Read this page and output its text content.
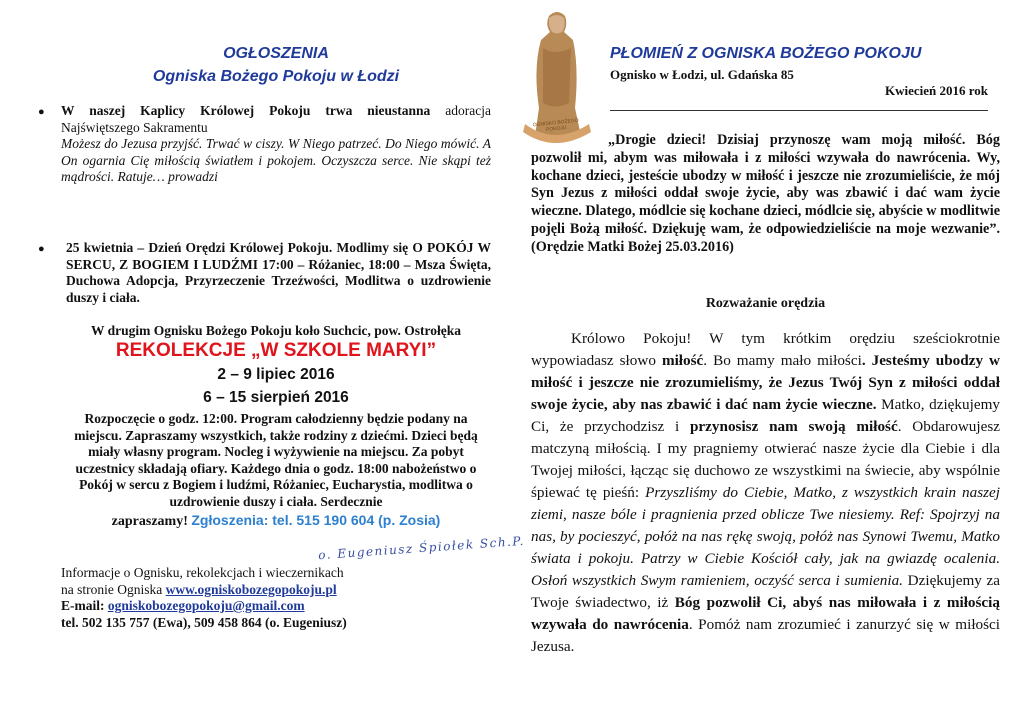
OGŁOSZENIA
Ogniska Bożego Pokoju w Łodzi
● W naszej Kaplicy Królowej Pokoju trwa nieustanna adoracja Najświętszego Sakramentu
Możesz do Jezusa przyjść. Trwać w ciszy. W Niego patrzeć. Do Niego mówić. A On ogarnia Cię miłością światłem i pokojem. Oczyszcza serce. Nie skąpi też mądrości. Ratuje… prowadzi
● 25 kwietnia – Dzień Orędzi Królowej Pokoju. Modlimy się O POKÓJ W SERCU, Z BOGIEM I LUDŹMI 17:00 – Różaniec, 18:00 – Msza Święta, Duchowa Adopcja, Przyrzeczenie Trzeźwości, Modlitwa o uzdrowienie duszy i ciała.
W drugim Ognisku Bożego Pokoju koło Suchcic, pow. Ostrołęka
REKOLEKCJE „W SZKOLE MARYI”
2 – 9 lipiec 2016
6 – 15 sierpień 2016
Rozpoczęcie o godz. 12:00. Program całodzienny będzie podany na miejscu. Zapraszamy wszystkich, także rodziny z dziećmi. Dzieci będą miały własny program. Nocleg i wyżywienie na miejscu. Za pobyt uczestnicy składają ofiary. Każdego dnia o godz. 18:00 nabożeństwo o Pokój w sercu z Bogiem i ludźmi, Różaniec, Eucharystia, modlitwa o uzdrowienie duszy i ciała. Serdecznie
zapraszamy! Zgłoszenia: tel. 515 190 604 (p. Zosia)
o. Eugeniusz Śpiołek Sch.P.
Informacje o Ognisku, rekolekcjach i wieczernikach
na stronie Ogniska www.ogniskobozegopokoju.pl
E-mail: ogniskobozegopokoju@gmail.com
tel. 502 135 757 (Ewa), 509 458 864 (o. Eugeniusz)
OGNISKO BOŻEGO POKOJU
PŁOMIEŃ Z OGNISKA BOŻEGO POKOJU
Ognisko w Łodzi, ul. Gdańska 85
Kwiecień 2016 rok
„Drogie dzieci! Dzisiaj przynoszę wam moją miłość. Bóg pozwolił mi, abym was miłowała i z miłości wzywała do nawrócenia. Wy, kochane dzieci, jesteście ubodzy w miłość i jeszcze nie zrozumieliście, że mój Syn Jezus z miłości oddał swoje życie, aby was zbawić i dać wam życie wieczne. Dlatego, módlcie się kochane dzieci, módlcie się, abyście w modlitwie pojęli Bożą miłość. Dziękuję wam, że odpowiedzieliście na moje wezwanie”. (Orędzie Matki Bożej 25.03.2016)
Rozważanie orędzia
Królowo Pokoju! W tym krótkim orędziu sześciokrotnie wypowiadasz słowo miłość. Bo mamy mało miłości. Jesteśmy ubodzy w miłość i jeszcze nie zrozumieliśmy, że Jezus Twój Syn z miłości oddał swoje życie, aby nas zbawić i dać nam życie wieczne. Matko, dziękujemy Ci, że przychodzisz i przynosisz nam swoją miłość. Obdarowujesz matczyną miłością. I my pragniemy otwierać nasze życie dla Ciebie i dla Twojej miłości, łącząc się duchowo ze wszystkimi na świecie, aby wspólnie śpiewać tę pieśń: Przyszliśmy do Ciebie, Matko, z wszystkich krain naszej ziemi, nasze bóle i pragnienia przed oblicze Twe niesiemy. Ref: Spojrzyj na nas, by pocieszyć, połóż na nas rękę swoją, połóż nas Synowi Twemu, Matko świata i pokoju. Patrzy w Ciebie Kościół cały, jak na gwiazdę ocalenia. Osłoń wszystkich Swym ramieniem, oczyść serca i sumienia. Dziękujemy za Twoje świadectwo, iż Bóg pozwolił Ci, abyś nas miłowała i z miłością wzywała do nawrócenia. Pomóż nam zrozumieć i zanurzyć się w miłości Jezusa.
